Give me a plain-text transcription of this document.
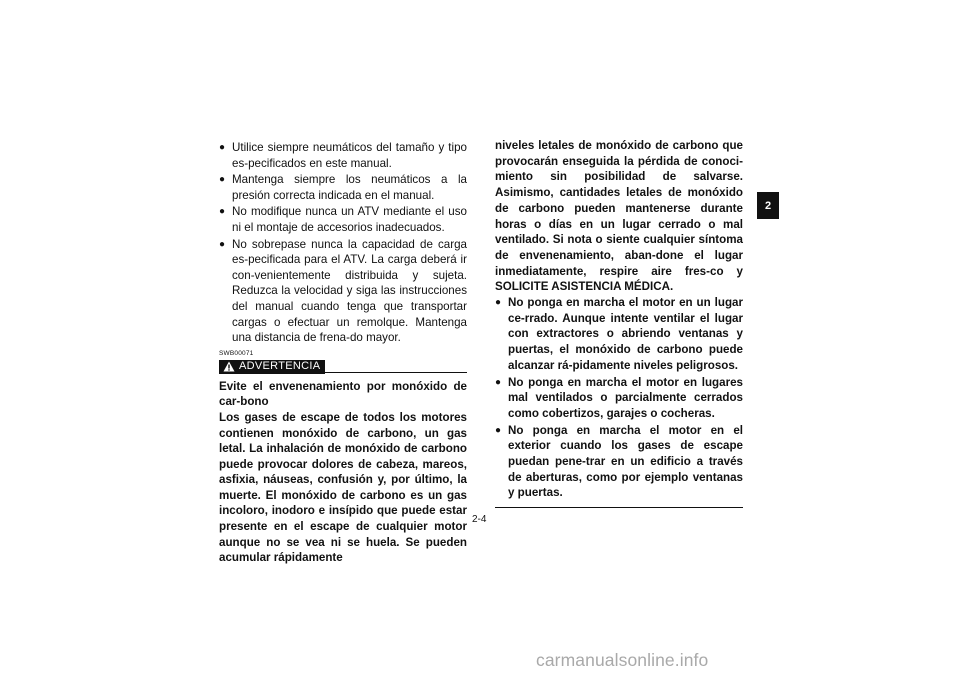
● Utilice siempre neumáticos del tamaño y tipo es-pecificados en este manual.
● Mantenga siempre los neumáticos a la presión correcta indicada en el manual.
● No modifique nunca un ATV mediante el uso ni el montaje de accesorios inadecuados.
● No sobrepase nunca la capacidad de carga es-pecificada para el ATV. La carga deberá ir con-venientemente distribuida y sujeta. Reduzca la velocidad y siga las instrucciones del manual cuando tenga que transportar cargas o efectuar un remolque. Mantenga una distancia de frena-do mayor.
SWB00071
ADVERTENCIA

Evite el envenenamiento por monóxido de car-bono

Los gases de escape de todos los motores contienen monóxido de carbono, un gas letal. La inhalación de monóxido de carbono puede provocar dolores de cabeza, mareos, asfixia, náuseas, confusión y, por último, la muerte. El monóxido de carbono es un gas incoloro, inodoro e insípido que puede estar presente en el escape de cualquier motor aunque no se vea ni se huela. Se pueden acumular rápidamente

niveles letales de monóxido de carbono que provocarán enseguida la pérdida de conoci-miento sin posibilidad de salvarse. Asimismo, cantidades letales de monóxido de carbono pueden mantenerse durante horas o días en un lugar cerrado o mal ventilado. Si nota o siente cualquier síntoma de envenenamiento, aban-done el lugar inmediatamente, respire aire fres-co y SOLICITE ASISTENCIA MÉDICA.

● No ponga en marcha el motor en un lugar ce-rrado. Aunque intente ventilar el lugar con extractores o abriendo ventanas y puertas, el monóxido de carbono puede alcanzar rá-pidamente niveles peligrosos.
● No ponga en marcha el motor en lugares mal ventilados o parcialmente cerrados como cobertizos, garajes o cocheras.
● No ponga en marcha el motor en el exterior cuando los gases de escape puedan pene-trar en un edificio a través de aberturas, como por ejemplo ventanas y puertas.
2
2-4
carmanualsonline.info
